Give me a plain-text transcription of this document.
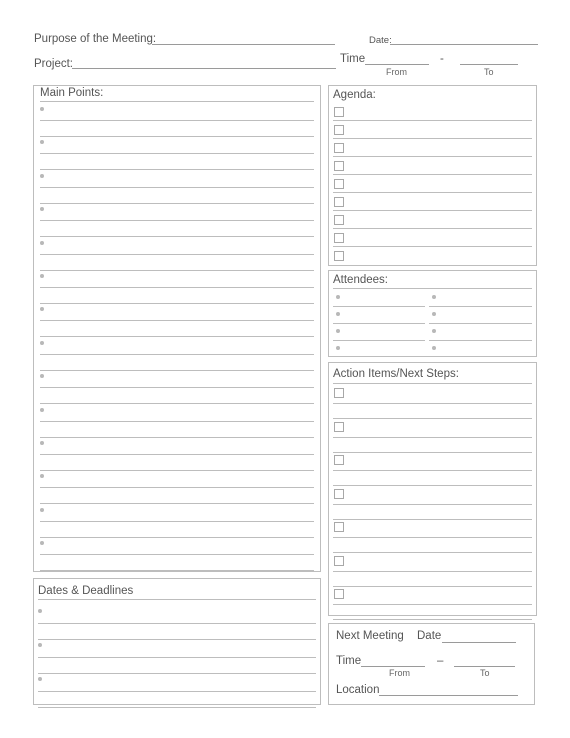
Purpose of the Meeting:	Date:
Project:	Time	-
From	To
Main Points:
Dates & Deadlines
Agenda:
Attendees:
Action Items/Next Steps:
Next Meeting Date
Time	–
From	To
Location
